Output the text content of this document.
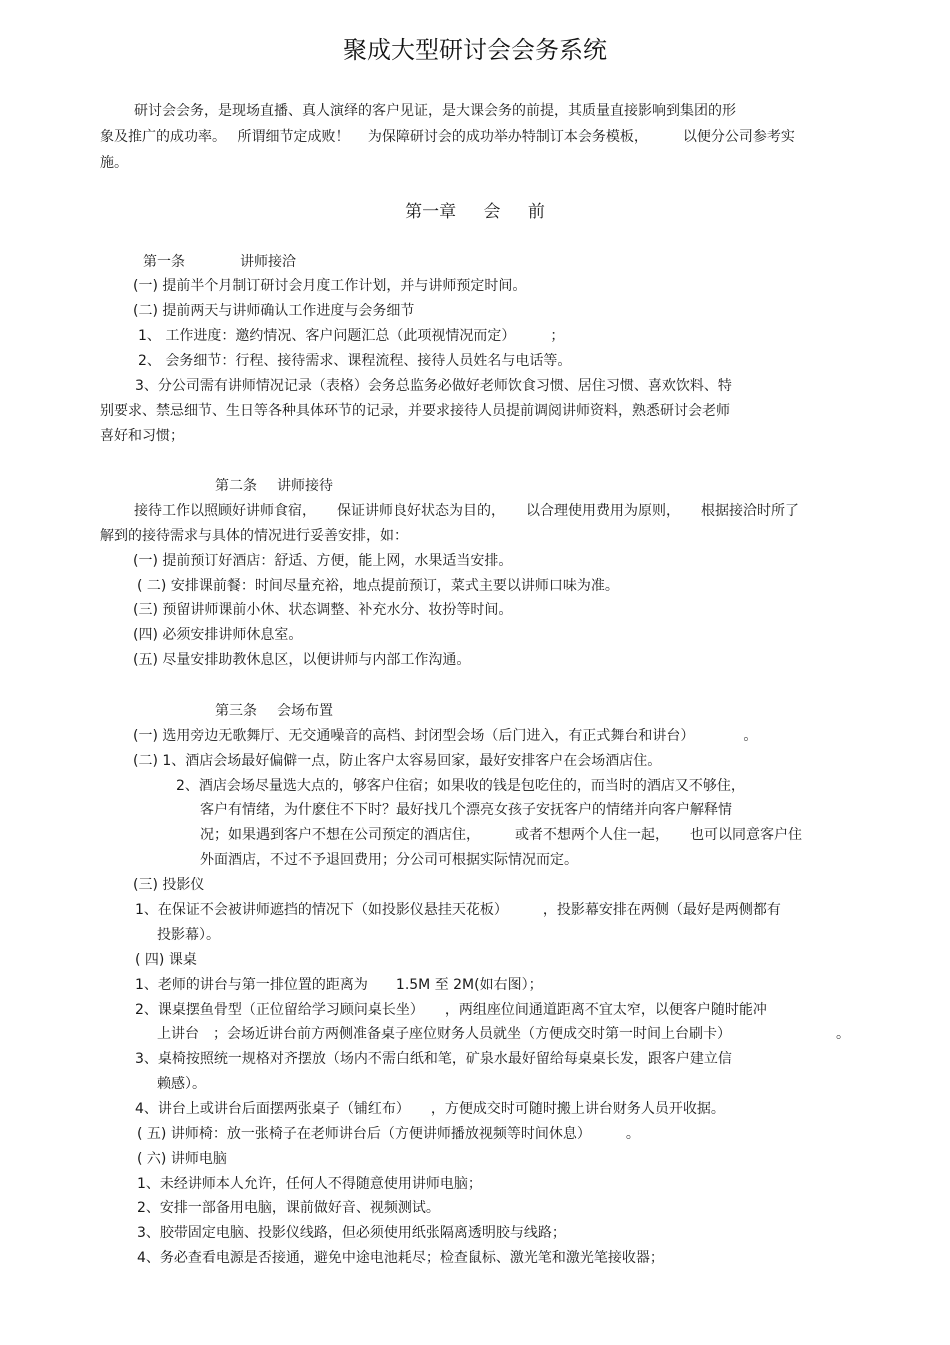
聚成大型研讨会会务系统
研讨会会务，是现场直播、真人演绎的客户见证，是大课会务的前提，其质量直接影响到集团的形
象及推广的成功率。　 所谓细节定成败！　 为保障研讨会的成功举办特制订本会务模板，　　　以便分公司参考实
施。
第一章 会 前
第一条	讲师接洽
(一) 提前半个月制订研讨会月度工作计划，并与讲师预定时间。
(二) 提前两天与讲师确认工作进度与会务细节
1、 工作进度：邀约情况、客户问题汇总（此项视情况而定）　　　；
2、 会务细节：行程、接待需求、课程流程、接待人员姓名与电话等。
3、分公司需有讲师情况记录（表格）会务总监务必做好老师饮食习惯、居住习惯、喜欢饮料、特
别要求、禁忌细节、生日等各种具体环节的记录，并要求接待人员提前调阅讲师资料，熟悉研讨会老师
喜好和习惯；
第二条 讲师接待
接待工作以照顾好讲师食宿，　　保证讲师良好状态为目的，　　以合理使用费用为原则，　　根据接洽时所了
解到的接待需求与具体的情况进行妥善安排，如：
(一) 提前预订好酒店：舒适、方便，能上网，水果适当安排。
( 二) 安排课前餐：时间尽量充裕，地点提前预订，菜式主要以讲师口味为准。
(三) 预留讲师课前小休、状态调整、补充水分、妆扮等时间。
(四) 必须安排讲师休息室。
(五) 尽量安排助教休息区，以便讲师与内部工作沟通。
第三条 会场布置
(一) 选用旁边无歌舞厅、无交通噪音的高档、封闭型会场（后门进入，有正式舞台和讲台）　　　　。
(二) 1、酒店会场最好偏僻一点，防止客户太容易回家，最好安排客户在会场酒店住。
2、酒店会场尽量选大点的，够客户住宿；如果收的钱是包吃住的，而当时的酒店又不够住，
客户有情绪，为什麽住不下时？最好找几个漂亮女孩子安抚客户的情绪并向客户解释情
况；如果遇到客户不想在公司预定的酒店住，　　　或者不想两个人住一起，　　也可以同意客户住
外面酒店，不过不予退回费用；分公司可根据实际情况而定。
(三) 投影仪
1、在保证不会被讲师遮挡的情况下（如投影仪悬挂天花板）　　　，投影幕安排在两侧（最好是两侧都有
投影幕）。
( 四) 课桌
1、老师的讲台与第一排位置的距离为　　1.5M 至 2M(如右图）；
2、课桌摆鱼骨型（正位留给学习顾问桌长坐）　　，两组座位间通道距离不宜太窄，以便客户随时能冲
上讲台　；会场近讲台前方两侧准备桌子座位财务人员就坐（方便成交时第一时间上台刷卡）　　　　　　　　。
3、桌椅按照统一规格对齐摆放（场内不需白纸和笔，矿泉水最好留给每桌桌长发，跟客户建立信
赖感）。
4、讲台上或讲台后面摆两张桌子（铺红布）　　，方便成交时可随时搬上讲台财务人员开收据。
( 五) 讲师椅：放一张椅子在老师讲台后（方便讲师播放视频等时间休息）　　　。
( 六) 讲师电脑
1、未经讲师本人允许，任何人不得随意使用讲师电脑；
2、安排一部备用电脑，课前做好音、视频测试。
3、胶带固定电脑、投影仪线路，但必须使用纸张隔离透明胶与线路；
4、务必查看电源是否接通，避免中途电池耗尽；检查鼠标、激光笔和激光笔接收器；
